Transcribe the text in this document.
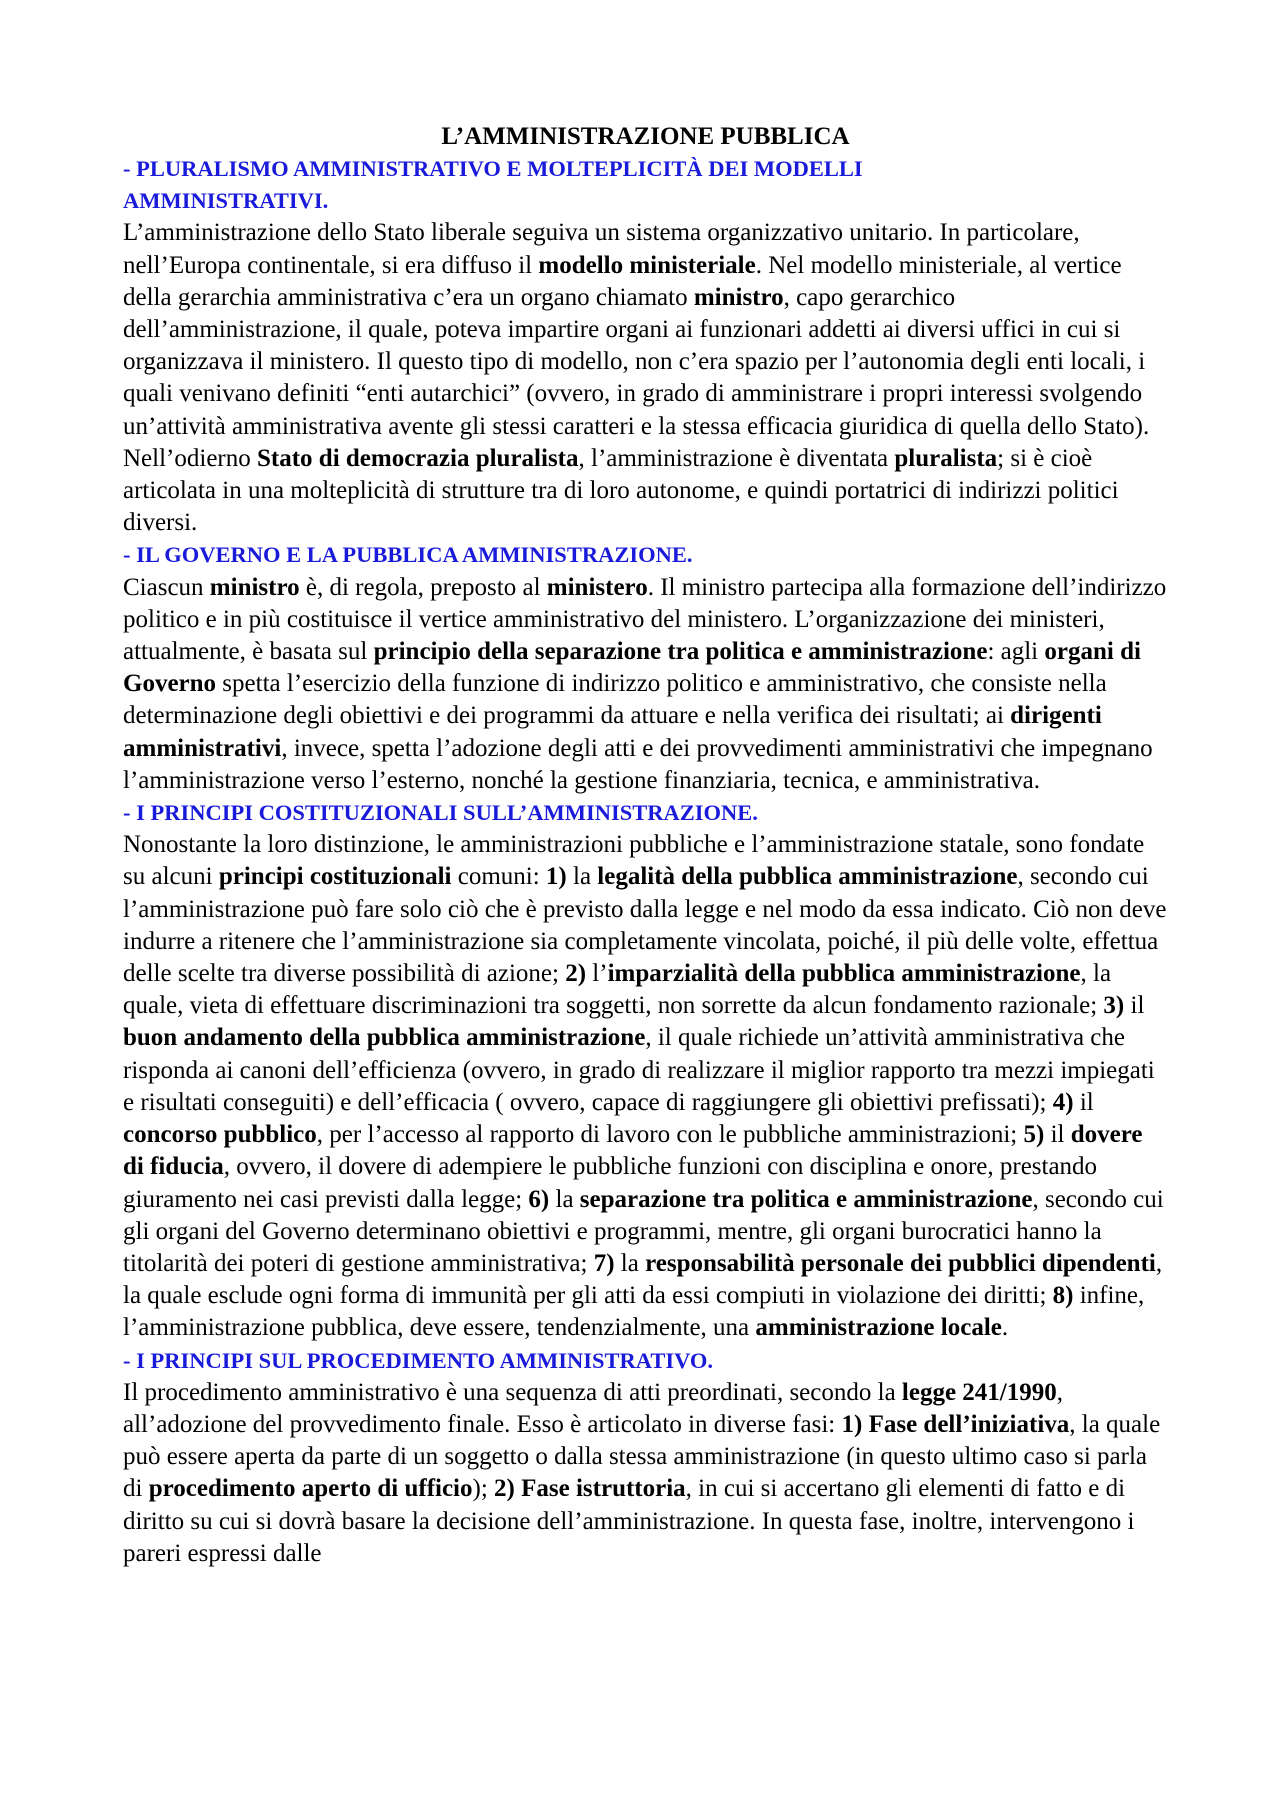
L’AMMINISTRAZIONE PUBBLICA
- PLURALISMO AMMINISTRATIVO E MOLTEPLICITÀ DEI MODELLI AMMINISTRATIVI.

L’amministrazione dello Stato liberale seguiva un sistema organizzativo unitario. In particolare, nell’Europa continentale, si era diffuso il modello ministeriale. Nel modello ministeriale, al vertice della gerarchia amministrativa c’era un organo chiamato ministro, capo gerarchico dell’amministrazione, il quale, poteva impartire organi ai funzionari addetti ai diversi uffici in cui si organizzava il ministero. Il questo tipo di modello, non c’era spazio per l’autonomia degli enti locali, i quali venivano definiti “enti autarchici” (ovvero, in grado di amministrare i propri interessi svolgendo un’attività amministrativa avente gli stessi caratteri e la stessa efficacia giuridica di quella dello Stato). Nell’odierno Stato di democrazia pluralista, l’amministrazione è diventata pluralista; si è cioè articolata in una molteplicità di strutture tra di loro autonome, e quindi portatrici di indirizzi politici diversi.

- IL GOVERNO E LA PUBBLICA AMMINISTRAZIONE.

Ciascun ministro è, di regola, preposto al ministero. Il ministro partecipa alla formazione dell’indirizzo politico e in più costituisce il vertice amministrativo del ministero. L’organizzazione dei ministeri, attualmente, è basata sul principio della separazione tra politica e amministrazione: agli organi di Governo spetta l’esercizio della funzione di indirizzo politico e amministrativo, che consiste nella determinazione degli obiettivi e dei programmi da attuare e nella verifica dei risultati; ai dirigenti amministrativi, invece, spetta l’adozione degli atti e dei provvedimenti amministrativi che impegnano l’amministrazione verso l’esterno, nonché la gestione finanziaria, tecnica, e amministrativa.

- I PRINCIPI COSTITUZIONALI SULL’AMMINISTRAZIONE.

Nonostante la loro distinzione, le amministrazioni pubbliche e l’amministrazione statale, sono fondate su alcuni principi costituzionali comuni: 1) la legalità della pubblica amministrazione, secondo cui l’amministrazione può fare solo ciò che è previsto dalla legge e nel modo da essa indicato. Ciò non deve indurre a ritenere che l’amministrazione sia completamente vincolata, poiché, il più delle volte, effettua delle scelte tra diverse possibilità di azione; 2) l’imparzialità della pubblica amministrazione, la quale, vieta di effettuare discriminazioni tra soggetti, non sorrette da alcun fondamento razionale; 3) il buon andamento della pubblica amministrazione, il quale richiede un’attività amministrativa che risponda ai canoni dell’efficienza (ovvero, in grado di realizzare il miglior rapporto tra mezzi impiegati e risultati conseguiti) e dell’efficacia ( ovvero, capace di raggiungere gli obiettivi prefissati); 4) il concorso pubblico, per l’accesso al rapporto di lavoro con le pubbliche amministrazioni; 5) il dovere di fiducia, ovvero, il dovere di adempiere le pubbliche funzioni con disciplina e onore, prestando giuramento nei casi previsti dalla legge; 6) la separazione tra politica e amministrazione, secondo cui gli organi del Governo determinano obiettivi e programmi, mentre, gli organi burocratici hanno la titolarità dei poteri di gestione amministrativa; 7) la responsabilità personale dei pubblici dipendenti, la quale esclude ogni forma di immunità per gli atti da essi compiuti in violazione dei diritti; 8) infine, l’amministrazione pubblica, deve essere, tendenzialmente, una amministrazione locale.

- I PRINCIPI SUL PROCEDIMENTO AMMINISTRATIVO.

Il procedimento amministrativo è una sequenza di atti preordinati, secondo la legge 241/1990, all’adozione del provvedimento finale. Esso è articolato in diverse fasi: 1) Fase dell’iniziativa, la quale può essere aperta da parte di un soggetto o dalla stessa amministrazione (in questo ultimo caso si parla di procedimento aperto di ufficio); 2) Fase istruttoria, in cui si accertano gli elementi di fatto e di diritto su cui si dovrà basare la decisione dell’amministrazione. In questa fase, inoltre, intervengono i pareri espressi dalle
